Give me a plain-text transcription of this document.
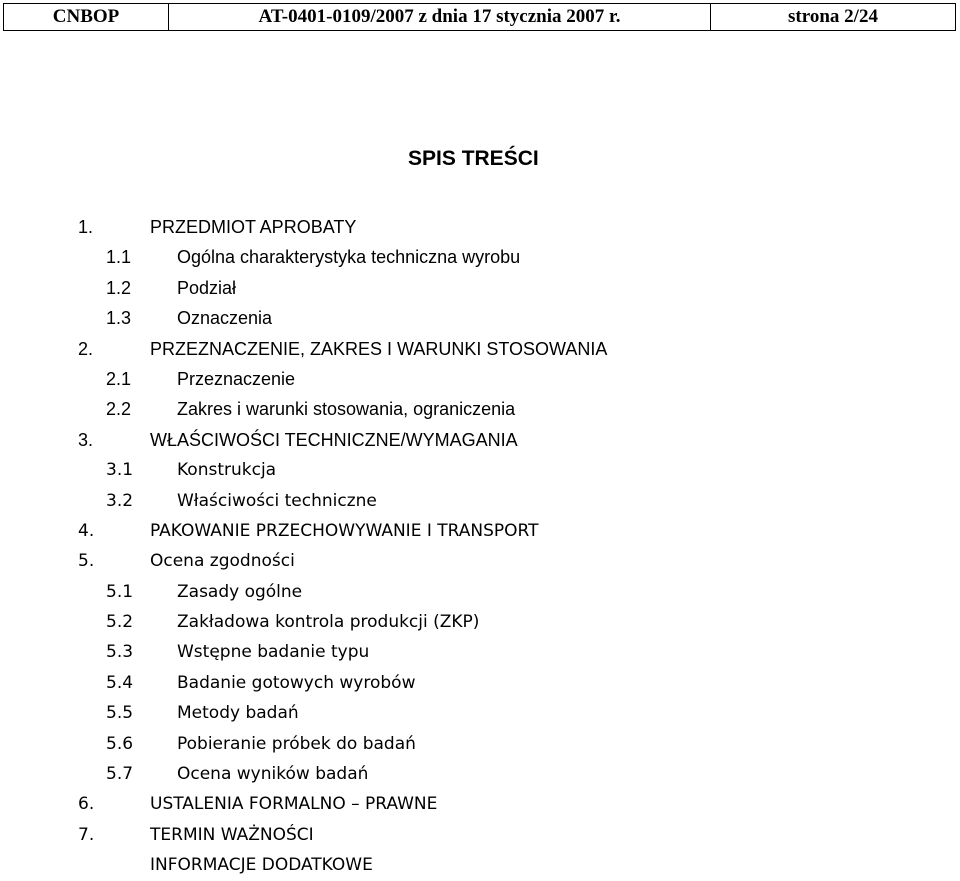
CNBOP	AT-0401-0109/2007 z dnia 17 stycznia 2007 r.	strona 2/24
SPIS TREŚCI
1.	PRZEDMIOT APROBATY
1.1	Ogólna charakterystyka techniczna wyrobu
1.2	Podział
1.3	Oznaczenia
2.	PRZEZNACZENIE, ZAKRES I WARUNKI STOSOWANIA
2.1	Przeznaczenie
2.2	Zakres i warunki stosowania, ograniczenia
3.	WŁAŚCIWOŚCI TECHNICZNE/WYMAGANIA
3.1	Konstrukcja
3.2	Właściwości techniczne
4.	PAKOWANIE PRZECHOWYWANIE I TRANSPORT
5.	Ocena zgodności
5.1	Zasady ogólne
5.2	Zakładowa kontrola produkcji (ZKP)
5.3	Wstępne badanie typu
5.4	Badanie gotowych wyrobów
5.5	Metody badań
5.6	Pobieranie próbek do badań
5.7	Ocena wyników badań
6.	USTALENIA FORMALNO – PRAWNE
7.	TERMIN WAŻNOŚCI
INFORMACJE DODATKOWE
